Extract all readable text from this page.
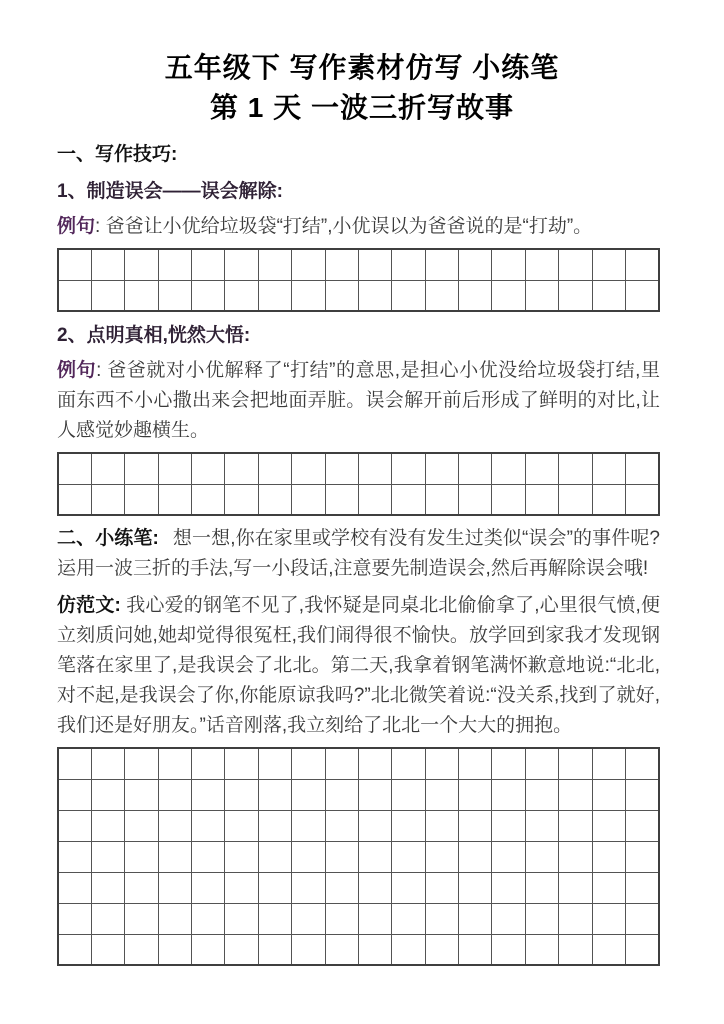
五年级下 写作素材仿写 小练笔
第 1 天 一波三折写故事
一、写作技巧:
1、制造误会——误会解除:

例句: 爸爸让小优给垃圾袋“打结”,小优误以为爸爸说的是“打劫”。

2、点明真相,恍然大悟:

例句: 爸爸就对小优解释了“打结”的意思,是担心小优没给垃圾袋打结,里面东西不小心撒出来会把地面弄脏。误会解开前后形成了鲜明的对比,让人感觉妙趣横生。

二、小练笔: 想一想,你在家里或学校有没有发生过类似“误会”的事件呢?运用一波三折的手法,写一小段话,注意要先制造误会,然后再解除误会哦!

仿范文: 我心爱的钢笔不见了,我怀疑是同桌北北偷偷拿了,心里很气愤,便立刻质问她,她却觉得很冤枉,我们闹得很不愉快。放学回到家我才发现钢笔落在家里了,是我误会了北北。第二天,我拿着钢笔满怀歉意地说:“北北,对不起,是我误会了你,你能原谅我吗?”北北微笑着说:“没关系,找到了就好,我们还是好朋友。”话音刚落,我立刻给了北北一个大大的拥抱。
